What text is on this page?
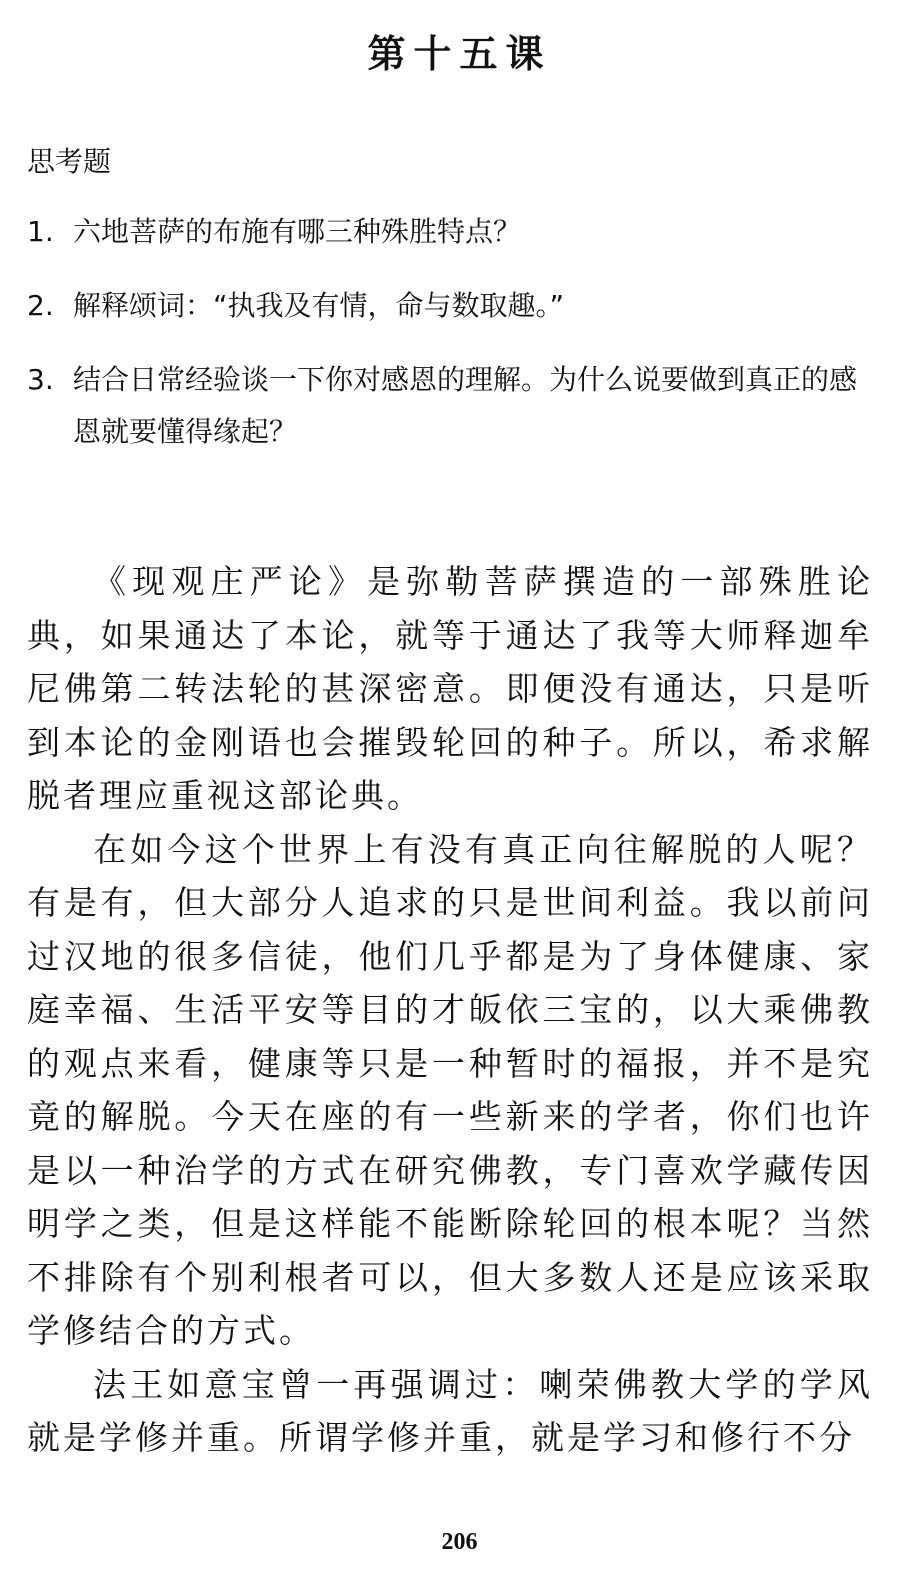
第十五课
思考题
1. 六地菩萨的布施有哪三种殊胜特点？
2. 解释颂词：“执我及有情，命与数取趣。”
3. 结合日常经验谈一下你对感恩的理解。为什么说要做到真正的感恩就要懂得缘起？

《现观庄严论》是弥勒菩萨撰造的一部殊胜论典，如果通达了本论，就等于通达了我等大师释迦牟尼佛第二转法轮的甚深密意。即便没有通达，只是听到本论的金刚语也会摧毁轮回的种子。所以，希求解脱者理应重视这部论典。

在如今这个世界上有没有真正向往解脱的人呢？有是有，但大部分人追求的只是世间利益。我以前问过汉地的很多信徒，他们几乎都是为了身体健康、家庭幸福、生活平安等目的才皈依三宝的，以大乘佛教的观点来看，健康等只是一种暂时的福报，并不是究竟的解脱。今天在座的有一些新来的学者，你们也许是以一种治学的方式在研究佛教，专门喜欢学藏传因明学之类，但是这样能不能断除轮回的根本呢？当然不排除有个别利根者可以，但大多数人还是应该采取学修结合的方式。

法王如意宝曾一再强调过：喇荣佛教大学的学风就是学修并重。所谓学修并重，就是学习和修行不分

206
